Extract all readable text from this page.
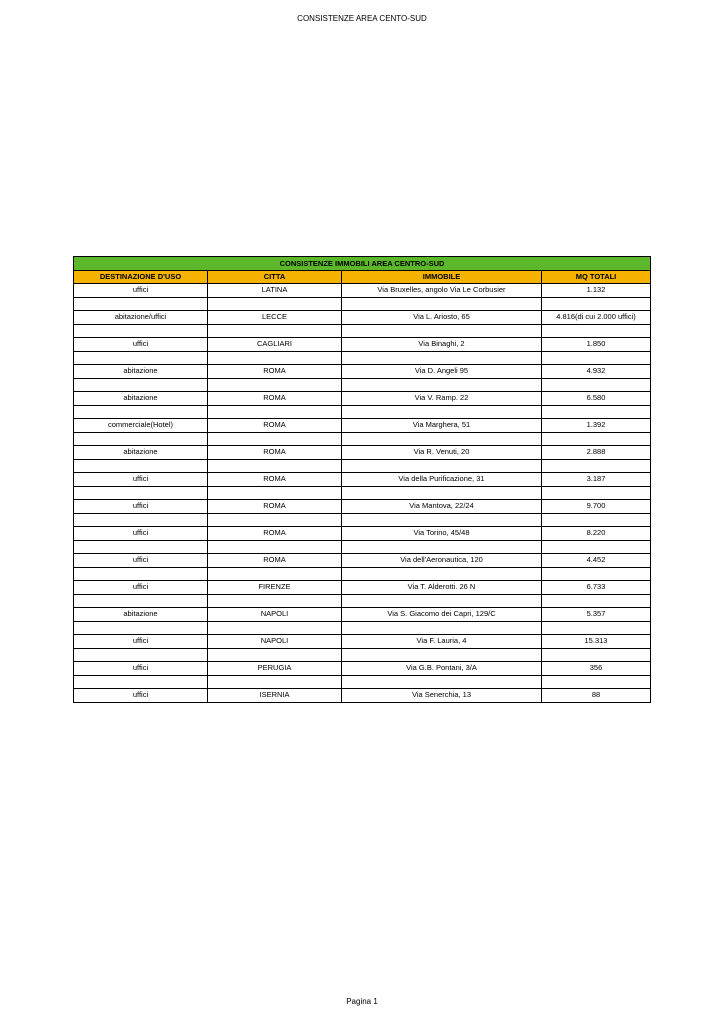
CONSISTENZE AREA CENTO-SUD
CONSISTENZE IMMOBILI AREA CENTRO-SUD			
DESTINAZIONE D'USO	CITTA	IMMOBILE	MQ TOTALI
uffici	LATINA	Via Bruxelles, angolo Via Le Corbusier	1.132

abitazione/uffici	LECCE	Via L. Ariosto, 65	4.816(di cui 2.000 uffici)

uffici	CAGLIARI	Via Binaghi, 2	1.850

abitazione	ROMA	Via D. Angeli 95	4.932

abitazione	ROMA	Via V. Ramp. 22	6.580

commerciale(Hotel)	ROMA	Via Marghera, 51	1.392

abitazione	ROMA	Via R. Venuti, 20	2.888

uffici	ROMA	Via della Purificazione, 31	3.187

uffici	ROMA	Via Mantova, 22/24	9.700

uffici	ROMA	Via Torino, 45/48	8.220

uffici	ROMA	Via dell'Aeronautica, 120	4.452

uffici	FIRENZE	Via T. Alderotti. 26 N	6.733

abitazione	NAPOLI	Via S. Giacomo dei Capri, 129/C	5.357

uffici	NAPOLI	Via F. Lauria, 4	15.313

uffici	PERUGIA	Via G.B. Pontani, 3/A	356

uffici	ISERNIA	Via Senerchia, 13	88
Pagina 1
